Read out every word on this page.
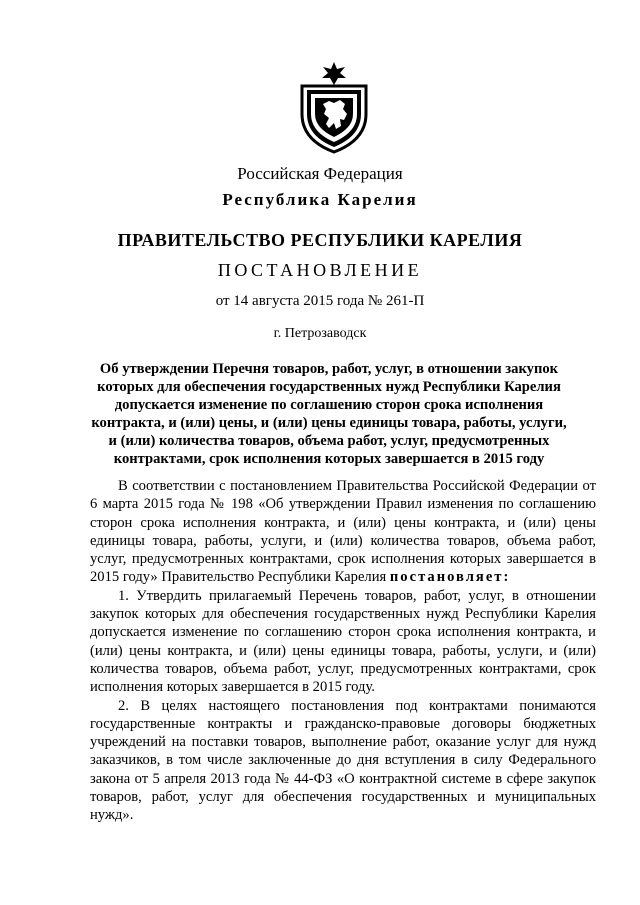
Российская Федерация
Республика Карелия
ПРАВИТЕЛЬСТВО РЕСПУБЛИКИ КАРЕЛИЯ
ПОСТАНОВЛЕНИЕ
от 14 августа 2015 года № 261-П
г. Петрозаводск
Об утверждении Перечня товаров, работ, услуг, в отношении закупок которых для обеспечения государственных нужд Республики Карелия допускается изменение по соглашению сторон срока исполнения контракта, и (или) цены, и (или) цены единицы товара, работы, услуги, и (или) количества товаров, объема работ, услуг, предусмотренных контрактами, срок исполнения которых завершается в 2015 году

В соответствии с постановлением Правительства Российской Федерации от 6 марта 2015 года № 198 «Об утверждении Правил изменения по соглашению сторон срока исполнения контракта, и (или) цены контракта, и (или) цены единицы товара, работы, услуги, и (или) количества товаров, объема работ, услуг, предусмотренных контрактами, срок исполнения которых завершается в 2015 году» Правительство Республики Карелия постановляет:

1. Утвердить прилагаемый Перечень товаров, работ, услуг, в отношении закупок которых для обеспечения государственных нужд Республики Карелия допускается изменение по соглашению сторон срока исполнения контракта, и (или) цены контракта, и (или) цены единицы товара, работы, услуги, и (или) количества товаров, объема работ, услуг, предусмотренных контрактами, срок исполнения которых завершается в 2015 году.

2. В целях настоящего постановления под контрактами понимаются государственные контракты и гражданско-правовые договоры бюджетных учреждений на поставки товаров, выполнение работ, оказание услуг для нужд заказчиков, в том числе заключенные до дня вступления в силу Федерального закона от 5 апреля 2013 года № 44-ФЗ «О контрактной системе в сфере закупок товаров, работ, услуг для обеспечения государственных и муниципальных нужд».
